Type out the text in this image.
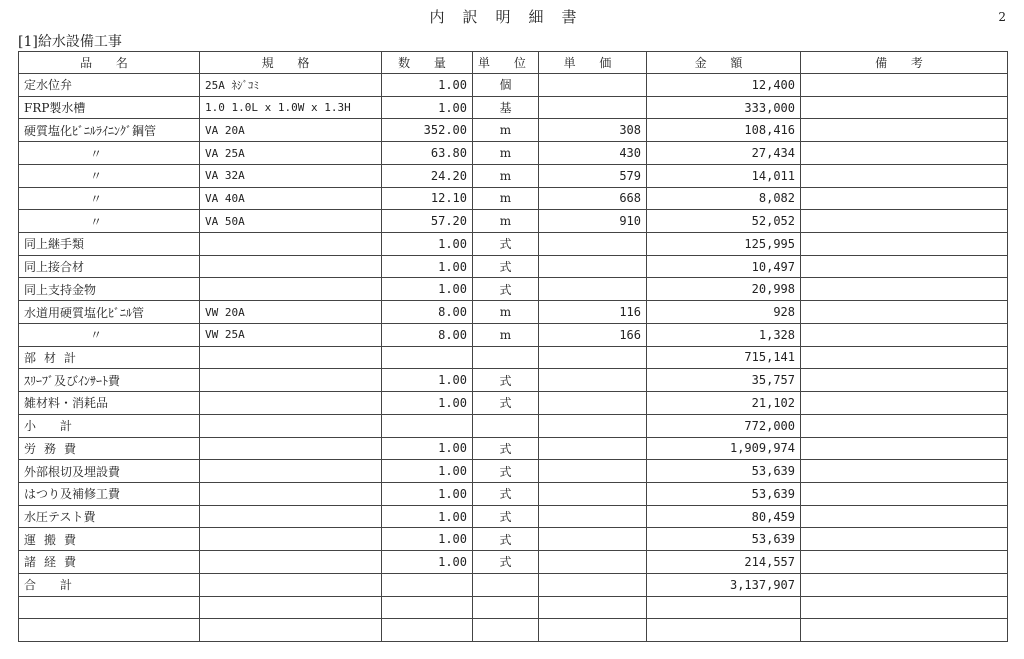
内訳明細書	2
[1]給水設備工事
品 名	規 格	数 量	単 位	単 価	金 額	備 考
定水位弁	25A ﾈｼﾞｺﾐ	1.00	個		12,400	
FRP製水槽	1.0 1.0L x 1.0W x 1.3H	1.00	基		333,000	
硬質塩化ﾋﾞﾆﾙﾗｲﾆﾝｸﾞ鋼管	VA 20A	352.00	m	308	108,416	
〃	VA 25A	63.80	m	430	27,434	
〃	VA 32A	24.20	m	579	14,011	
〃	VA 40A	12.10	m	668	8,082	
〃	VA 50A	57.20	m	910	52,052	
同上継手類		1.00	式		125,995	
同上接合材		1.00	式		10,497	
同上支持金物		1.00	式		20,998	
水道用硬質塩化ﾋﾞﾆﾙ管	VW 20A	8.00	m	116	928	
〃	VW 25A	8.00	m	166	1,328	
部材計					715,141	
ｽﾘｰﾌﾞ及びｲﾝｻｰﾄ費		1.00	式		35,757	
雑材料・消耗品		1.00	式		21,102	
小　　計					772,000	
労務費		1.00	式		1,909,974	
外部根切及埋設費		1.00	式		53,639	
はつり及補修工費		1.00	式		53,639	
水圧テスト費		1.00	式		80,459	
運搬費		1.00	式		53,639	
諸経費		1.00	式		214,557	
合　　計					3,137,907	
